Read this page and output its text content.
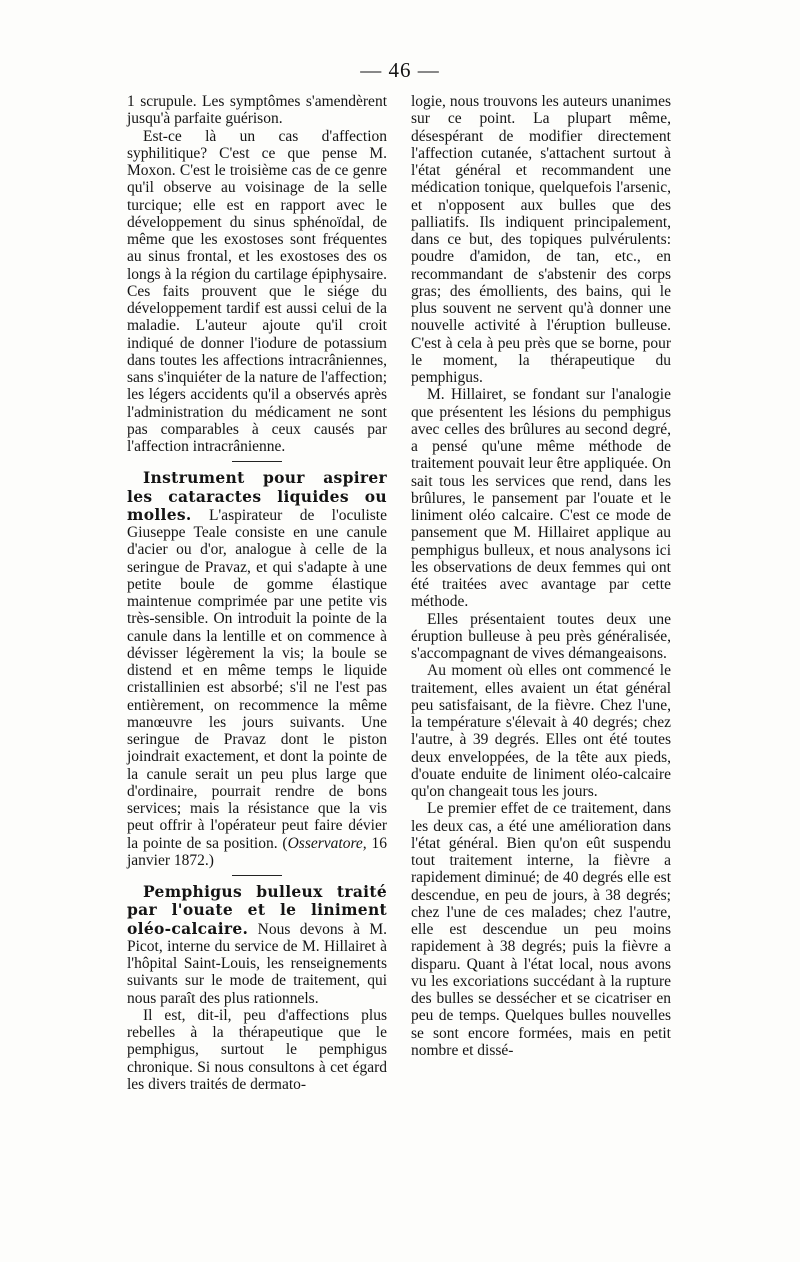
— 46 —

1 scrupule. Les symptômes s'amendèrent jusqu'à parfaite guérison.

Est-ce là un cas d'affection syphilitique? C'est ce que pense M. Moxon. C'est le troisième cas de ce genre qu'il observe au voisinage de la selle turcique; elle est en rapport avec le développement du sinus sphénoïdal, de même que les exostoses sont fréquentes au sinus frontal, et les exostoses des os longs à la région du cartilage épiphysaire. Ces faits prouvent que le siége du développement tardif est aussi celui de la maladie. L'auteur ajoute qu'il croit indiqué de donner l'iodure de potassium dans toutes les affections intracrâniennes, sans s'inquiéter de la nature de l'affection; les légers accidents qu'il a observés après l'administration du médicament ne sont pas comparables à ceux causés par l'affection intracrânienne.

Instrument pour aspirer les cataractes liquides ou molles. L'aspirateur de l'oculiste Giuseppe Teale consiste en une canule d'acier ou d'or, analogue à celle de la seringue de Pravaz, et qui s'adapte à une petite boule de gomme élastique maintenue comprimée par une petite vis très-sensible. On introduit la pointe de la canule dans la lentille et on commence à dévisser légèrement la vis; la boule se distend et en même temps le liquide cristallinien est absorbé; s'il ne l'est pas entièrement, on recommence la même manœuvre les jours suivants. Une seringue de Pravaz dont le piston joindrait exactement, et dont la pointe de la canule serait un peu plus large que d'ordinaire, pourrait rendre de bons services; mais la résistance que la vis peut offrir à l'opérateur peut faire dévier la pointe de sa position. (Osservatore, 16 janvier 1872.)

Pemphigus bulleux traité par l'ouate et le liniment oléo-calcaire. Nous devons à M. Picot, interne du service de M. Hillairet à l'hôpital Saint-Louis, les renseignements suivants sur le mode de traitement, qui nous paraît des plus rationnels.

Il est, dit-il, peu d'affections plus rebelles à la thérapeutique que le pemphigus, surtout le pemphigus chronique. Si nous consultons à cet égard les divers traités de dermato-

logie, nous trouvons les auteurs unanimes sur ce point. La plupart même, désespérant de modifier directement l'affection cutanée, s'attachent surtout à l'état général et recommandent une médication tonique, quelquefois l'arsenic, et n'opposent aux bulles que des palliatifs. Ils indiquent principalement, dans ce but, des topiques pulvérulents: poudre d'amidon, de tan, etc., en recommandant de s'abstenir des corps gras; des émollients, des bains, qui le plus souvent ne servent qu'à donner une nouvelle activité à l'éruption bulleuse. C'est à cela à peu près que se borne, pour le moment, la thérapeutique du pemphigus.

M. Hillairet, se fondant sur l'analogie que présentent les lésions du pemphigus avec celles des brûlures au second degré, a pensé qu'une même méthode de traitement pouvait leur être appliquée. On sait tous les services que rend, dans les brûlures, le pansement par l'ouate et le liniment oléo calcaire. C'est ce mode de pansement que M. Hillairet applique au pemphigus bulleux, et nous analysons ici les observations de deux femmes qui ont été traitées avec avantage par cette méthode.

Elles présentaient toutes deux une éruption bulleuse à peu près généralisée, s'accompagnant de vives démangeaisons.

Au moment où elles ont commencé le traitement, elles avaient un état général peu satisfaisant, de la fièvre. Chez l'une, la température s'élevait à 40 degrés; chez l'autre, à 39 degrés. Elles ont été toutes deux enveloppées, de la tête aux pieds, d'ouate enduite de liniment oléo-calcaire qu'on changeait tous les jours.

Le premier effet de ce traitement, dans les deux cas, a été une amélioration dans l'état général. Bien qu'on eût suspendu tout traitement interne, la fièvre a rapidement diminué; de 40 degrés elle est descendue, en peu de jours, à 38 degrés; chez l'une de ces malades; chez l'autre, elle est descendue un peu moins rapidement à 38 degrés; puis la fièvre a disparu. Quant à l'état local, nous avons vu les excoriations succédant à la rupture des bulles se dessécher et se cicatriser en peu de temps. Quelques bulles nouvelles se sont encore formées, mais en petit nombre et dissé-
